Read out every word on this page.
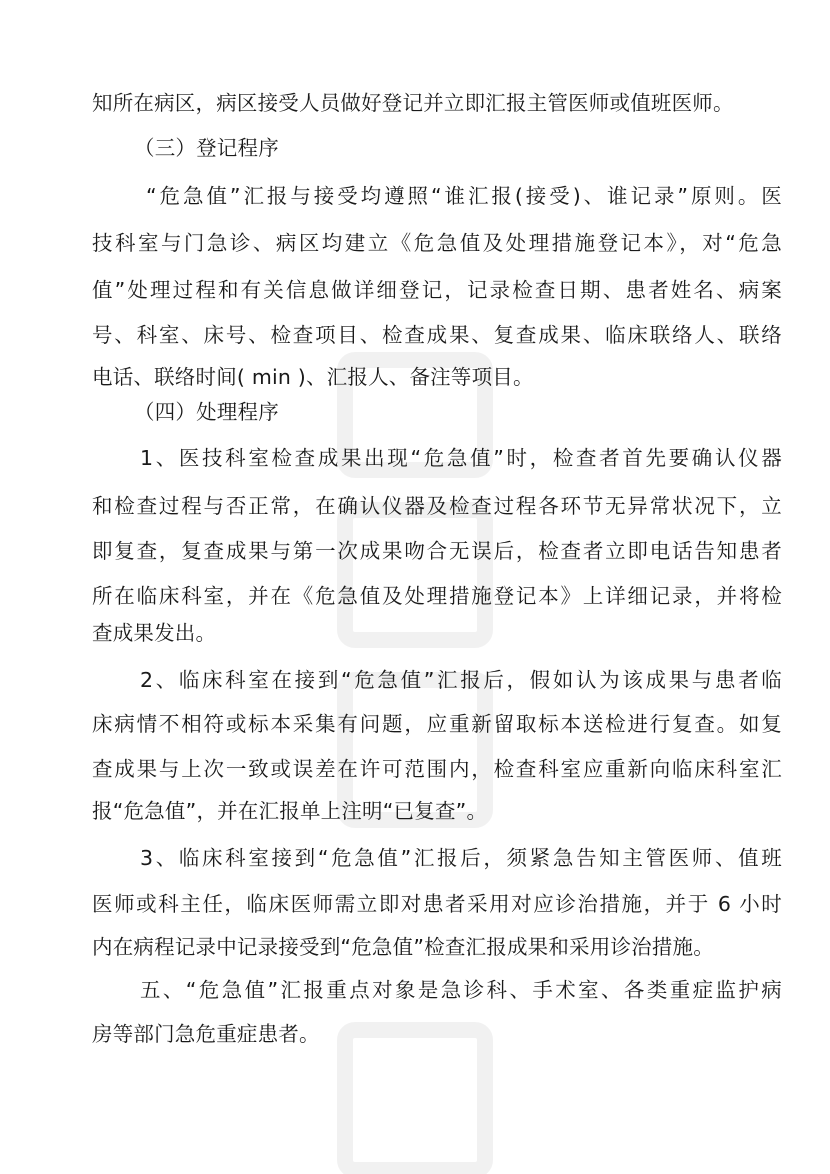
知所在病区，病区接受人员做好登记并立即汇报主管医师或值班医师。
（三）登记程序
“危急值”汇报与接受均遵照“谁汇报(接受)、谁记录”原则。医
技科室与门急诊、病区均建立《危急值及处理措施登记本》，对“危急
值”处理过程和有关信息做详细登记，记录检查日期、患者姓名、病案
号、科室、床号、检查项目、检查成果、复查成果、临床联络人、联络
电话、联络时间( min )、汇报人、备注等项目。
（四）处理程序
1、医技科室检查成果出现“危急值”时，检查者首先要确认仪器
和检查过程与否正常，在确认仪器及检查过程各环节无异常状况下，立
即复查，复查成果与第一次成果吻合无误后，检查者立即电话告知患者
所在临床科室，并在《危急值及处理措施登记本》上详细记录，并将检
查成果发出。
2、临床科室在接到“危急值”汇报后，假如认为该成果与患者临
床病情不相符或标本采集有问题，应重新留取标本送检进行复查。如复
查成果与上次一致或误差在许可范围内，检查科室应重新向临床科室汇
报“危急值”，并在汇报单上注明“已复查”。
3、临床科室接到“危急值”汇报后，须紧急告知主管医师、值班
医师或科主任，临床医师需立即对患者采用对应诊治措施，并于 6 小时
内在病程记录中记录接受到“危急值”检查汇报成果和采用诊治措施。
五、“危急值”汇报重点对象是急诊科、手术室、各类重症监护病
房等部门急危重症患者。
